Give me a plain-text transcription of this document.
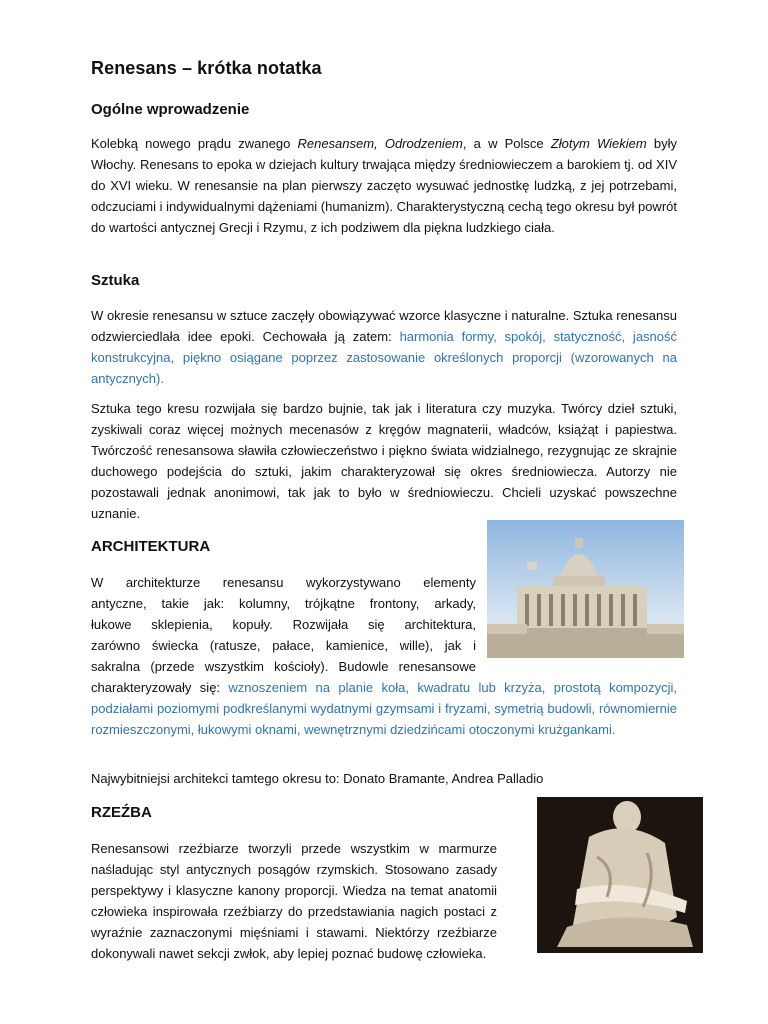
Renesans – krótka notatka
Ogólne wprowadzenie

Kolebką nowego prądu zwanego Renesansem, Odrodzeniem, a w Polsce Złotym Wiekiem były Włochy. Renesans to epoka w dziejach kultury trwająca między średniowieczem a barokiem tj. od XIV do XVI wieku. W renesansie na plan pierwszy zaczęto wysuwać jednostkę ludzką, z jej potrzebami, odczuciami i indywidualnymi dążeniami (humanizm). Charakterystyczną cechą tego okresu był powrót do wartości antycznej Grecji i Rzymu, z ich podziwem dla piękna ludzkiego ciała.

Sztuka

W okresie renesansu w sztuce zaczęły obowiązywać wzorce klasyczne i naturalne. Sztuka renesansu odzwierciedlała idee epoki. Cechowała ją zatem: harmonia formy, spokój, statyczność, jasność konstrukcyjna, piękno osiągane poprzez zastosowanie określonych proporcji (wzorowanych na antycznych).

Sztuka tego kresu rozwijała się bardzo bujnie, tak jak i literatura czy muzyka. Twórcy dzieł sztuki, zyskiwali coraz więcej możnych mecenasów z kręgów magnaterii, władców, książąt i papiestwa. Twórczość renesansowa sławiła człowieczeństwo i piękno świata widzialnego, rezygnując ze skrajnie duchowego podejścia do sztuki, jakim charakteryzował się okres średniowiecza. Autorzy nie pozostawali jednak anonimowi, tak jak to było w średniowieczu. Chcieli uzyskać powszechne uznanie.

ARCHITEKTURA

W architekturze renesansu wykorzystywano elementy

antyczne, takie jak: kolumny, trójkątne frontony, arkady,

łukowe sklepienia, kopuły. Rozwijała się architektura,

zarówno świecka (ratusze, pałace, kamienice, wille), jak i

sakralna (przede wszystkim kościoły). Budowle renesansowe

charakteryzowały się: wznoszeniem na planie koła, kwadratu lub krzyża, prostotą kompozycji, podziałami poziomymi podkreślanymi wydatnymi gzymsami i fryzami, symetrią budowli, równomiernie rozmieszczonymi, łukowymi oknami, wewnętrznymi dziedzińcami otoczonymi krużgankami.

Najwybitniejsi architekci tamtego okresu to: Donato Bramante, Andrea Palladio

RZEŹBA

Renesansowi rzeźbiarze tworzyli przede wszystkim w marmurze naśladując styl antycznych posągów rzymskich. Stosowano zasady perspektywy i klasyczne kanony proporcji. Wiedza na temat anatomii człowieka inspirowała rzeźbiarzy do przedstawiania nagich postaci z wyraźnie zaznaczonymi mięśniami i stawami. Niektórzy rzeźbiarze dokonywali nawet sekcji zwłok, aby lepiej poznać budowę człowieka.
